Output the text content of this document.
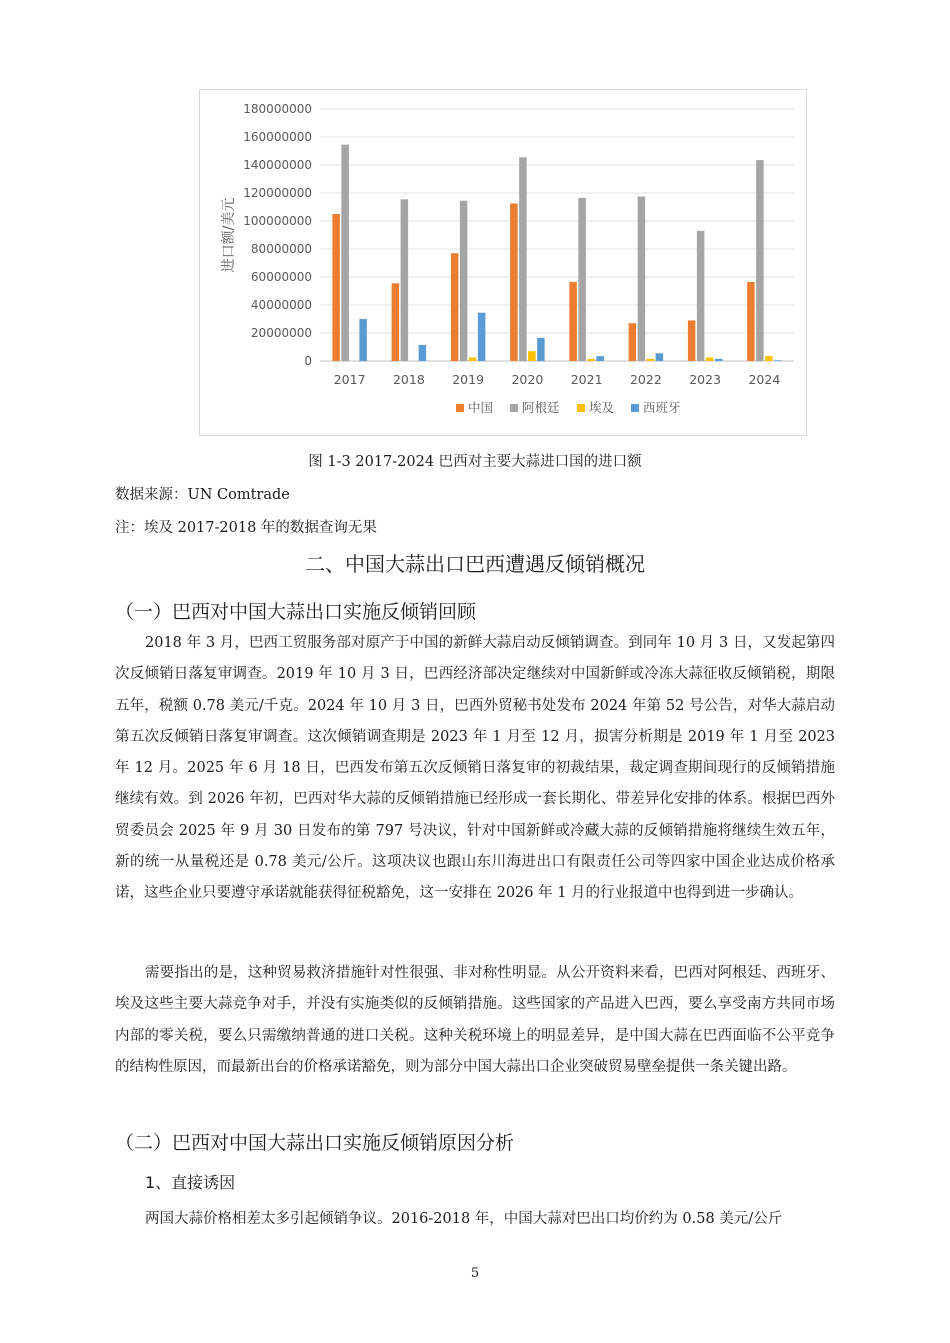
0
20000000
40000000
60000000
80000000
100000000
120000000
140000000
160000000
180000000
进口额/美元
2017 2018 2019 2020 2021 2022 2023 2024
中国 阿根廷 埃及 西班牙
图 1-3 2017-2024 巴西对主要大蒜进口国的进口额
数据来源：UN Comtrade
注：埃及 2017-2018 年的数据查询无果
二、中国大蒜出口巴西遭遇反倾销概况
（一）巴西对中国大蒜出口实施反倾销回顾

2018 年 3 月，巴西工贸服务部对原产于中国的新鲜大蒜启动反倾销调查。到同年 10 月 3 日，又发起第四次反倾销日落复审调查。2019 年 10 月 3 日，巴西经济部决定继续对中国新鲜或冷冻大蒜征收反倾销税，期限五年，税额 0.78 美元/千克。2024 年 10 月 3 日，巴西外贸秘书处发布 2024 年第 52 号公告，对华大蒜启动第五次反倾销日落复审调查。这次倾销调查期是 2023 年 1 月至 12 月，损害分析期是 2019 年 1 月至 2023 年 12 月。2025 年 6 月 18 日，巴西发布第五次反倾销日落复审的初裁结果，裁定调查期间现行的反倾销措施继续有效。到 2026 年初，巴西对华大蒜的反倾销措施已经形成一套长期化、带差异化安排的体系。根据巴西外贸委员会 2025 年 9 月 30 日发布的第 797 号决议，针对中国新鲜或冷藏大蒜的反倾销措施将继续生效五年，新的统一从量税还是 0.78 美元/公斤。这项决议也跟山东川海进出口有限责任公司等四家中国企业达成价格承诺，这些企业只要遵守承诺就能获得征税豁免，这一安排在 2026 年 1 月的行业报道中也得到进一步确认。

需要指出的是，这种贸易救济措施针对性很强、非对称性明显。从公开资料来看，巴西对阿根廷、西班牙、埃及这些主要大蒜竞争对手，并没有实施类似的反倾销措施。这些国家的产品进入巴西，要么享受南方共同市场内部的零关税，要么只需缴纳普通的进口关税。这种关税环境上的明显差异，是中国大蒜在巴西面临不公平竞争的结构性原因，而最新出台的价格承诺豁免，则为部分中国大蒜出口企业突破贸易壁垒提供一条关键出路。

（二）巴西对中国大蒜出口实施反倾销原因分析
1、直接诱因

两国大蒜价格相差太多引起倾销争议。2016-2018 年，中国大蒜对巴出口均价约为 0.58 美元/公斤

5
